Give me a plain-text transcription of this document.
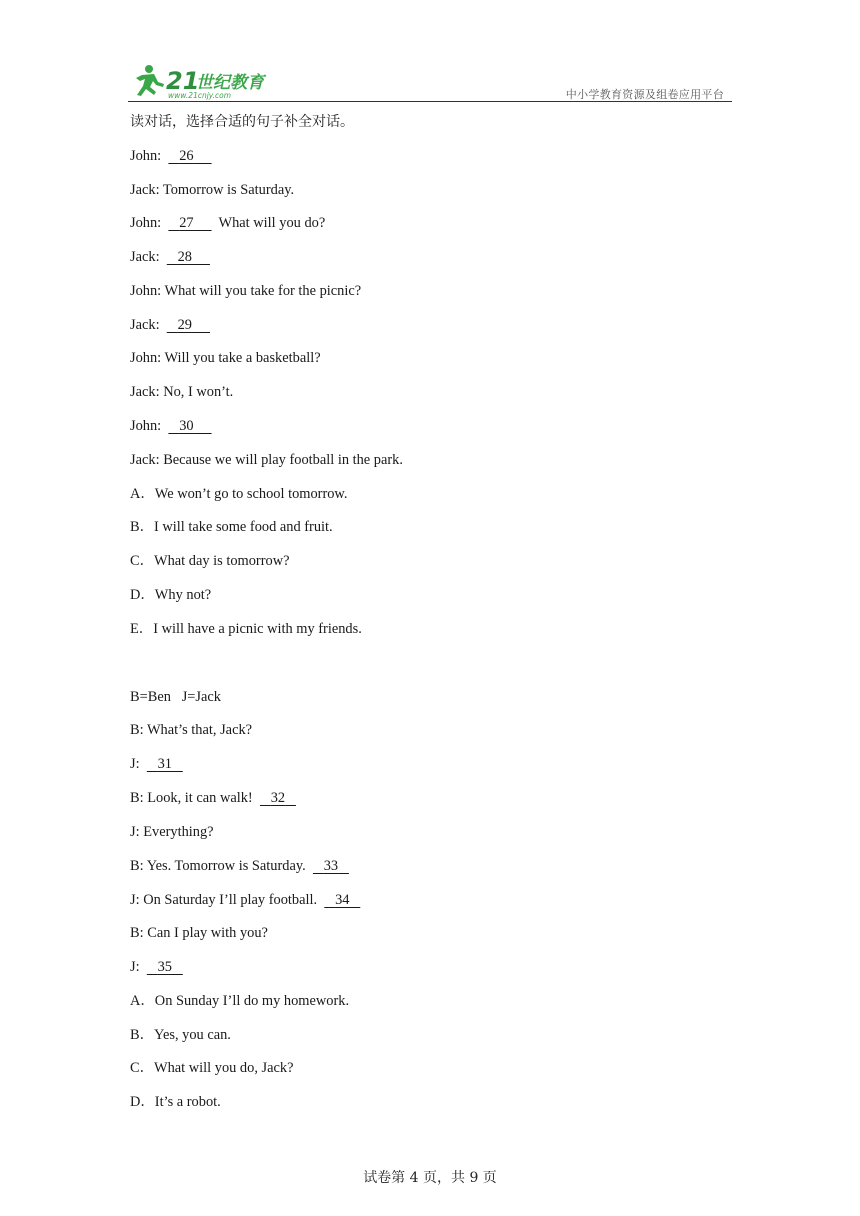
21
世纪教育
www.21cnjy.com	中小学教育资源及组卷应用平台
读对话，选择合适的句子补全对话。
John: 26
Jack: Tomorrow is Saturday.
John: 27 What will you do?
Jack: 28
John: What will you take for the picnic?
Jack: 29
John: Will you take a basketball?
Jack: No, I won’t.
John: 30
Jack: Because we will play football in the park.
A．We won’t go to school tomorrow.
B．I will take some food and fruit.
C．What day is tomorrow?
D．Why not?
E．I will have a picnic with my friends.
B=Ben   J=Jack
B: What’s that, Jack?
J: 31
B: Look, it can walk! 32
J: Everything?
B: Yes. Tomorrow is Saturday. 33
J: On Saturday I’ll play football. 34
B: Can I play with you?
J: 35
A．On Sunday I’ll do my homework.
B．Yes, you can.
C．What will you do, Jack?
D．It’s a robot.
试卷第 4 页，共 9 页
